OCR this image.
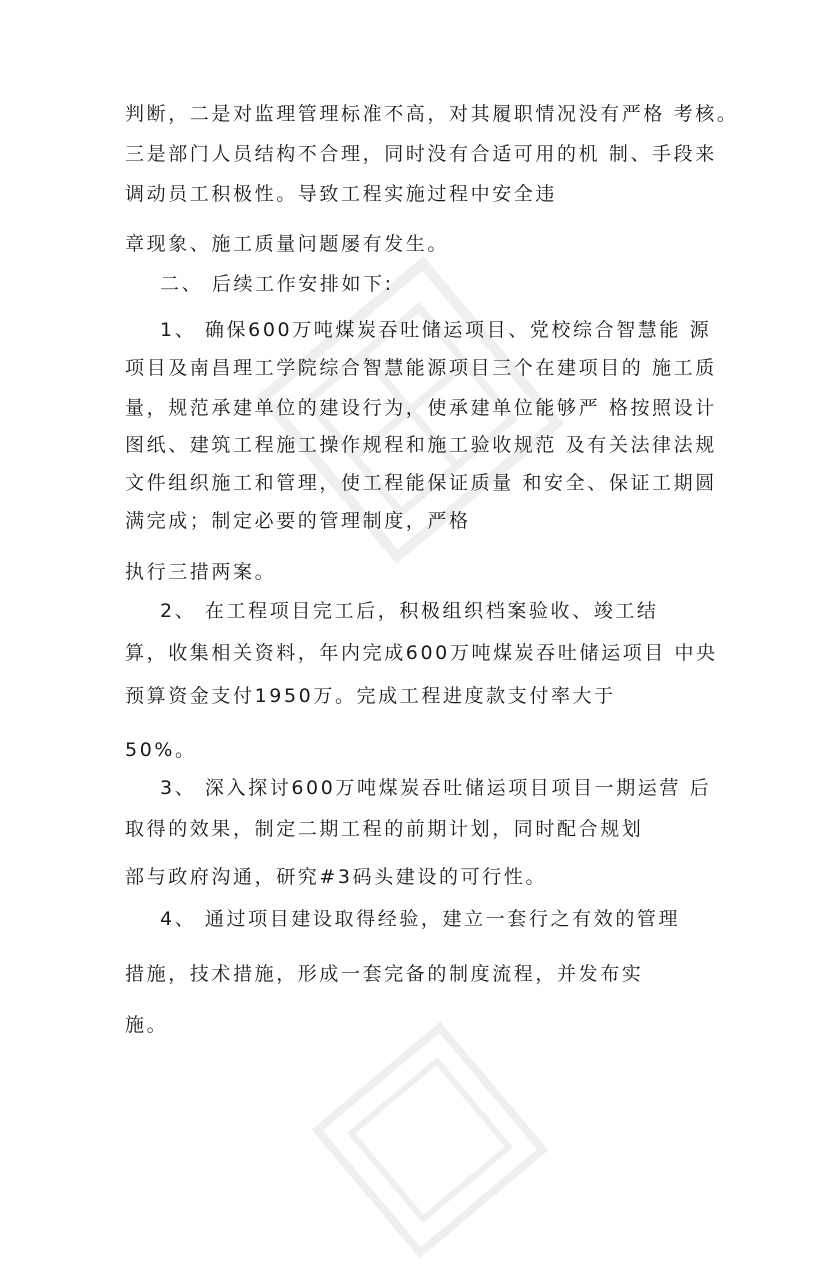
判断，二是对监理管理标准不高，对其履职情况没有严格 考核。
三是部门人员结构不合理，同时没有合适可用的机 制、手段来
调动员工积极性。导致工程实施过程中安全违
章现象、施工质量问题屡有发生。
二、 后续工作安排如下:
1、 确保600万吨煤炭吞吐储运项目、党校综合智慧能 源
项目及南昌理工学院综合智慧能源项目三个在建项目的 施工质
量，规范承建单位的建设行为，使承建单位能够严 格按照设计
图纸、建筑工程施工操作规程和施工验收规范 及有关法律法规
文件组织施工和管理，使工程能保证质量 和安全、保证工期圆
满完成；制定必要的管理制度，严格
执行三措两案。
2、 在工程项目完工后，积极组织档案验收、竣工结
算，收集相关资料，年内完成600万吨煤炭吞吐储运项目 中央
预算资金支付1950万。完成工程进度款支付率大于
50%。
3、 深入探讨600万吨煤炭吞吐储运项目项目一期运营 后
取得的效果，制定二期工程的前期计划，同时配合规划
部与政府沟通，研究#3码头建设的可行性。
4、 通过项目建设取得经验，建立一套行之有效的管理
措施，技术措施，形成一套完备的制度流程，并发布实
施。
